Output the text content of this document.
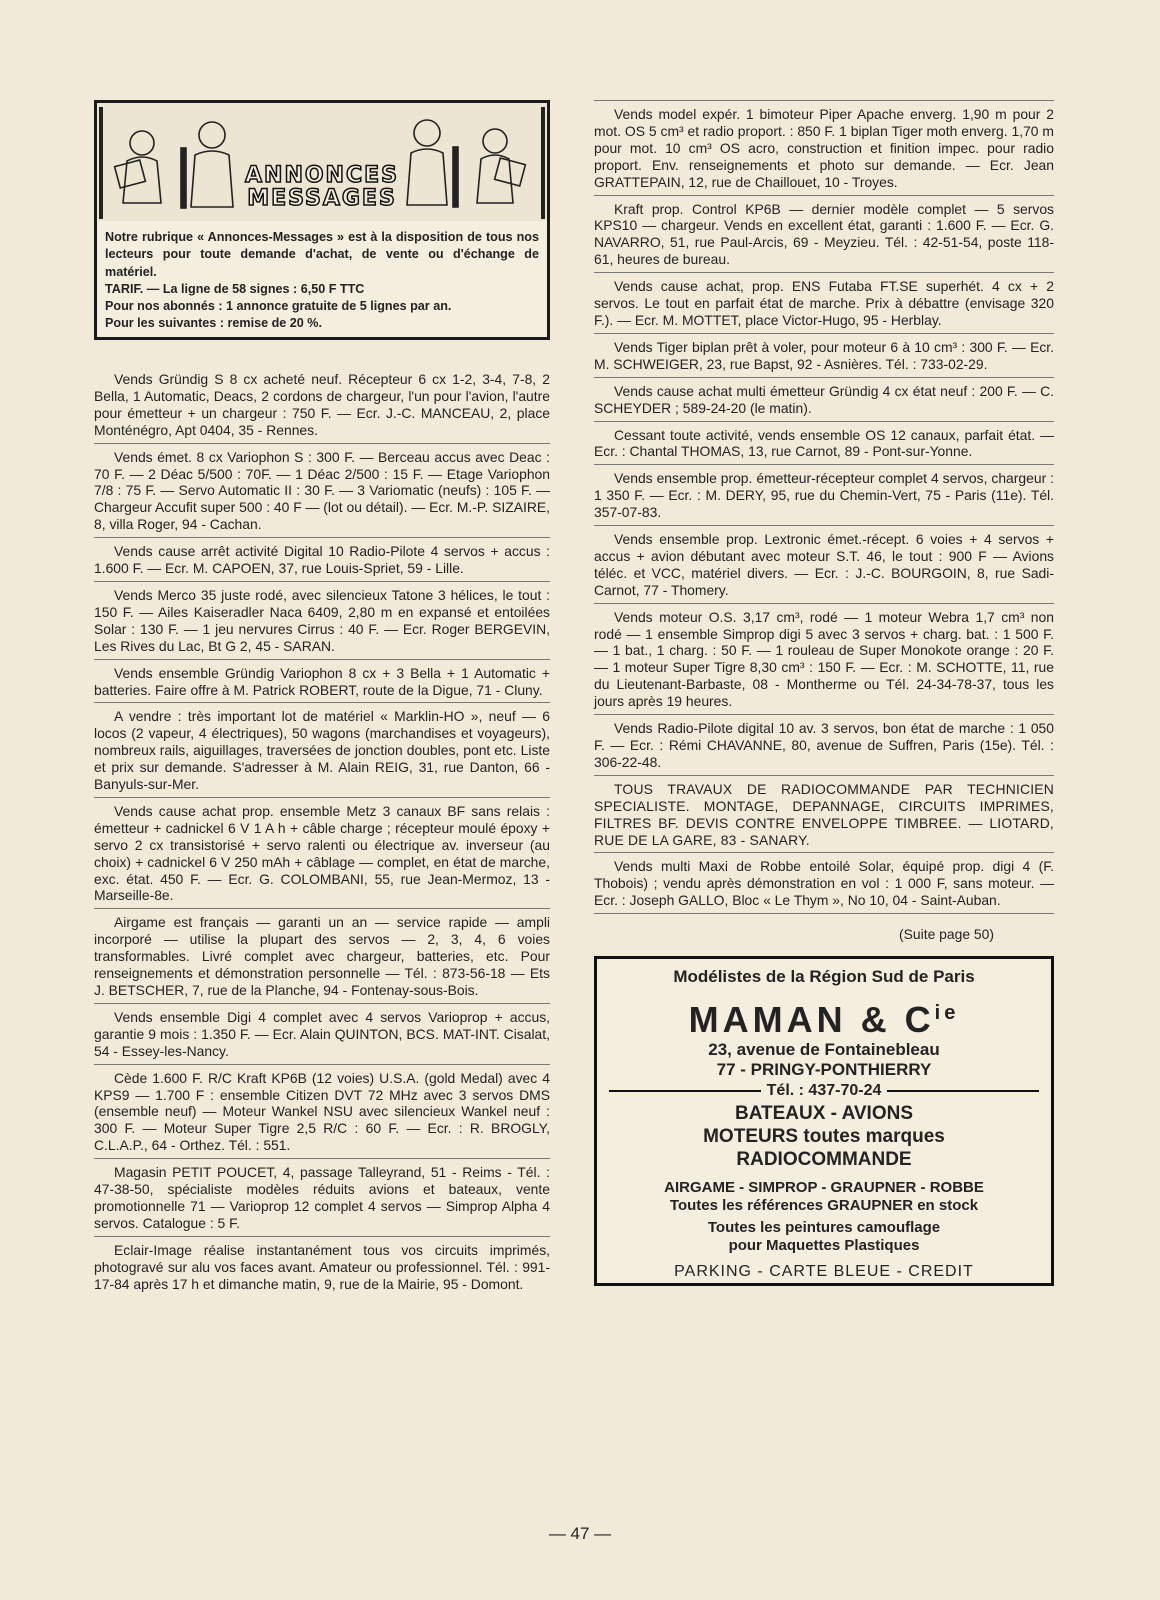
ANNONCES
MESSAGES

Notre rubrique « Annonces-Messages » est à la disposition de tous nos lecteurs pour toute demande d'achat, de vente ou d'échange de matériel.

TARIF. — La ligne de 58 signes : 6,50 F TTC

Pour nos abonnés : 1 annonce gratuite de 5 lignes par an.

Pour les suivantes : remise de 20 %.

Vends Gründig S 8 cx acheté neuf. Récepteur 6 cx 1-2, 3-4, 7-8, 2 Bella, 1 Automatic, Deacs, 2 cordons de chargeur, l'un pour l'avion, l'autre pour émetteur + un chargeur : 750 F. — Ecr. J.-C. MANCEAU, 2, place Monténégro, Apt 0404, 35 - Rennes.

Vends émet. 8 cx Variophon S : 300 F. — Berceau accus avec Deac : 70 F. — 2 Déac 5/500 : 70F. — 1 Déac 2/500 : 15 F. — Etage Variophon 7/8 : 75 F. — Servo Automatic II : 30 F. — 3 Variomatic (neufs) : 105 F. — Chargeur Accufit super 500 : 40 F — (lot ou détail). — Ecr. M.-P. SIZAIRE, 8, villa Roger, 94 - Cachan.

Vends cause arrêt activité Digital 10 Radio-Pilote 4 servos + accus : 1.600 F. — Ecr. M. CAPOEN, 37, rue Louis-Spriet, 59 - Lille.

Vends Merco 35 juste rodé, avec silencieux Tatone 3 hélices, le tout : 150 F. — Ailes Kaiseradler Naca 6409, 2,80 m en expansé et entoilées Solar : 130 F. — 1 jeu nervures Cirrus : 40 F. — Ecr. Roger BERGEVIN, Les Rives du Lac, Bt G 2, 45 - SARAN.

Vends ensemble Gründig Variophon 8 cx + 3 Bella + 1 Automatic + batteries. Faire offre à M. Patrick ROBERT, route de la Digue, 71 - Cluny.

A vendre : très important lot de matériel « Marklin-HO », neuf — 6 locos (2 vapeur, 4 électriques), 50 wagons (marchandises et voyageurs), nombreux rails, aiguillages, traversées de jonction doubles, pont etc. Liste et prix sur demande. S'adresser à M. Alain REIG, 31, rue Danton, 66 - Banyuls-sur-Mer.

Vends cause achat prop. ensemble Metz 3 canaux BF sans relais : émetteur + cadnickel 6 V 1 A h + câble charge ; récepteur moulé époxy + servo 2 cx transistorisé + servo ralenti ou électrique av. inverseur (au choix) + cadnickel 6 V 250 mAh + câblage — complet, en état de marche, exc. état. 450 F. — Ecr. G. COLOMBANI, 55, rue Jean-Mermoz, 13 - Marseille-8e.

Airgame est français — garanti un an — service rapide — ampli incorporé — utilise la plupart des servos — 2, 3, 4, 6 voies transformables. Livré complet avec chargeur, batteries, etc. Pour renseignements et démonstration personnelle — Tél. : 873-56-18 — Ets J. BETSCHER, 7, rue de la Planche, 94 - Fontenay-sous-Bois.

Vends ensemble Digi 4 complet avec 4 servos Varioprop + accus, garantie 9 mois : 1.350 F. — Ecr. Alain QUINTON, BCS. MAT-INT. Cisalat, 54 - Essey-les-Nancy.

Cède 1.600 F. R/C Kraft KP6B (12 voies) U.S.A. (gold Medal) avec 4 KPS9 — 1.700 F : ensemble Citizen DVT 72 MHz avec 3 servos DMS (ensemble neuf) — Moteur Wankel NSU avec silencieux Wankel neuf : 300 F. — Moteur Super Tigre 2,5 R/C : 60 F. — Ecr. : R. BROGLY, C.L.A.P., 64 - Orthez. Tél. : 551.

Magasin PETIT POUCET, 4, passage Talleyrand, 51 - Reims - Tél. : 47-38-50, spécialiste modèles réduits avions et bateaux, vente promotionnelle 71 — Varioprop 12 complet 4 servos — Simprop Alpha 4 servos. Catalogue : 5 F.

Eclair-Image réalise instantanément tous vos circuits imprimés, photogravé sur alu vos faces avant. Amateur ou professionnel. Tél. : 991-17-84 après 17 h et dimanche matin, 9, rue de la Mairie, 95 - Domont.

Vends model expér. 1 bimoteur Piper Apache enverg. 1,90 m pour 2 mot. OS 5 cm³ et radio proport. : 850 F. 1 biplan Tiger moth enverg. 1,70 m pour mot. 10 cm³ OS acro, construction et finition impec. pour radio proport. Env. renseignements et photo sur demande. — Ecr. Jean GRATTEPAIN, 12, rue de Chaillouet, 10 - Troyes.

Kraft prop. Control KP6B — dernier modèle complet — 5 servos KPS10 — chargeur. Vends en excellent état, garanti : 1.600 F. — Ecr. G. NAVARRO, 51, rue Paul-Arcis, 69 - Meyzieu. Tél. : 42-51-54, poste 118-61, heures de bureau.

Vends cause achat, prop. ENS Futaba FT.SE superhét. 4 cx + 2 servos. Le tout en parfait état de marche. Prix à débattre (envisage 320 F.). — Ecr. M. MOTTET, place Victor-Hugo, 95 - Herblay.

Vends Tiger biplan prêt à voler, pour moteur 6 à 10 cm³ : 300 F. — Ecr. M. SCHWEIGER, 23, rue Bapst, 92 - Asnières. Tél. : 733-02-29.

Vends cause achat multi émetteur Gründig 4 cx état neuf : 200 F. — C. SCHEYDER ; 589-24-20 (le matin).

Cessant toute activité, vends ensemble OS 12 canaux, parfait état. — Ecr. : Chantal THOMAS, 13, rue Carnot, 89 - Pont-sur-Yonne.

Vends ensemble prop. émetteur-récepteur complet 4 servos, chargeur : 1 350 F. — Ecr. : M. DERY, 95, rue du Chemin-Vert, 75 - Paris (11e). Tél. 357-07-83.

Vends ensemble prop. Lextronic émet.-récept. 6 voies + 4 servos + accus + avion débutant avec moteur S.T. 46, le tout : 900 F — Avions téléc. et VCC, matériel divers. — Ecr. : J.-C. BOURGOIN, 8, rue Sadi-Carnot, 77 - Thomery.

Vends moteur O.S. 3,17 cm³, rodé — 1 moteur Webra 1,7 cm³ non rodé — 1 ensemble Simprop digi 5 avec 3 servos + charg. bat. : 1 500 F. — 1 bat., 1 charg. : 50 F. — 1 rouleau de Super Monokote orange : 20 F. — 1 moteur Super Tigre 8,30 cm³ : 150 F. — Ecr. : M. SCHOTTE, 11, rue du Lieutenant-Barbaste, 08 - Montherme ou Tél. 24-34-78-37, tous les jours après 19 heures.

Vends Radio-Pilote digital 10 av. 3 servos, bon état de marche : 1 050 F. — Ecr. : Rémi CHAVANNE, 80, avenue de Suffren, Paris (15e). Tél. : 306-22-48.

TOUS TRAVAUX DE RADIOCOMMANDE PAR TECHNICIEN SPECIALISTE. MONTAGE, DEPANNAGE, CIRCUITS IMPRIMES, FILTRES BF. DEVIS CONTRE ENVELOPPE TIMBREE. — LIOTARD, RUE DE LA GARE, 83 - SANARY.

Vends multi Maxi de Robbe entoilé Solar, équipé prop. digi 4 (F. Thobois) ; vendu après démonstration en vol : 1 000 F, sans moteur. — Ecr. : Joseph GALLO, Bloc « Le Thym », No 10, 04 - Saint-Auban.

(Suite page 50)
Modélistes de la Région Sud de Paris
MAMAN & $C^{ie}$
23, avenue de Fontainebleau
77 - PRINGY-PONTHIERRY
Tél. : 437-70-24
BATEAUX - AVIONS
MOTEURS toutes marques
RADIOCOMMANDE
AIRGAME - SIMPROP - GRAUPNER - ROBBE
Toutes les références GRAUPNER en stock
Toutes les peintures camouflage
pour Maquettes Plastiques
PARKING - CARTE BLEUE - CREDIT
— 47 —
